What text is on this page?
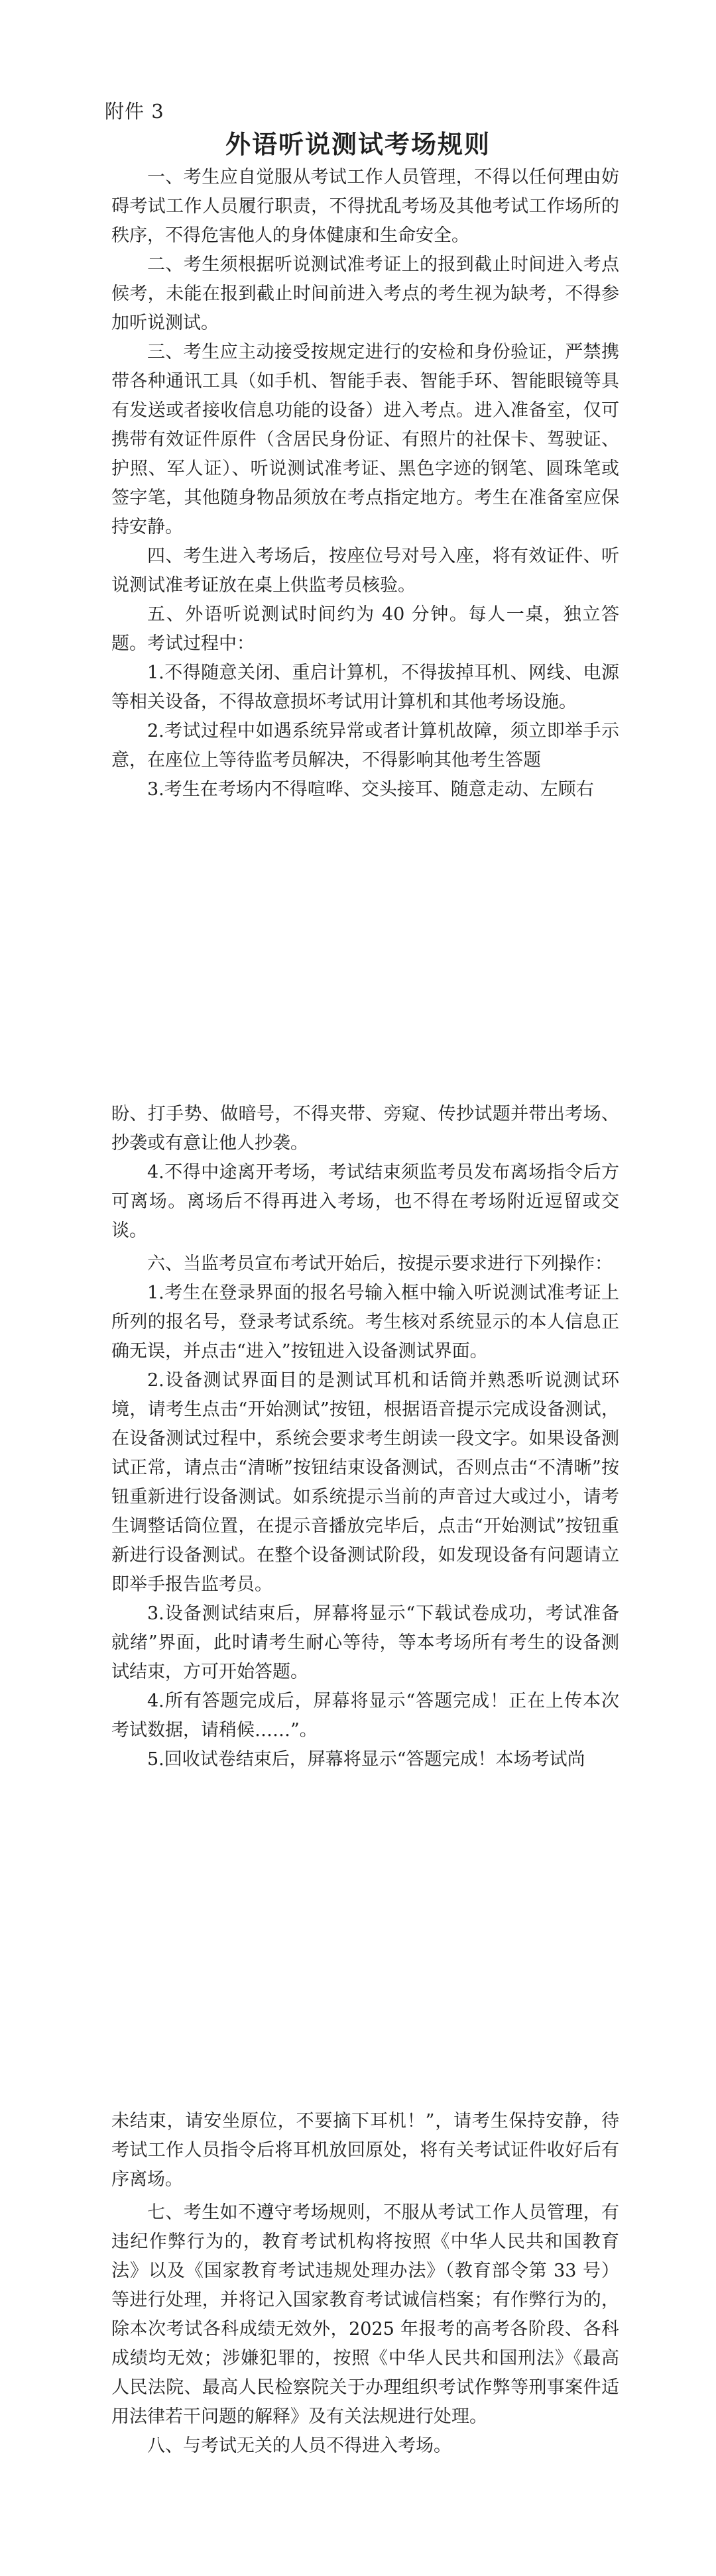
附件 3
外语听说测试考场规则

一、考生应自觉服从考试工作人员管理，不得以任何理由妨碍考试工作人员履行职责，不得扰乱考场及其他考试工作场所的秩序，不得危害他人的身体健康和生命安全。

二、考生须根据听说测试准考证上的报到截止时间进入考点候考，未能在报到截止时间前进入考点的考生视为缺考，不得参加听说测试。

三、考生应主动接受按规定进行的安检和身份验证，严禁携带各种通讯工具（如手机、智能手表、智能手环、智能眼镜等具有发送或者接收信息功能的设备）进入考点。进入准备室，仅可携带有效证件原件（含居民身份证、有照片的社保卡、驾驶证、护照、军人证）、听说测试准考证、黑色字迹的钢笔、圆珠笔或签字笔，其他随身物品须放在考点指定地方。考生在准备室应保持安静。

四、考生进入考场后，按座位号对号入座，将有效证件、听说测试准考证放在桌上供监考员核验。

五、外语听说测试时间约为 40 分钟。每人一桌，独立答题。考试过程中：

1.不得随意关闭、重启计算机，不得拔掉耳机、网线、电源等相关设备，不得故意损坏考试用计算机和其他考场设施。

2.考试过程中如遇系统异常或者计算机故障，须立即举手示意，在座位上等待监考员解决，不得影响其他考生答题

3.考生在考场内不得喧哗、交头接耳、随意走动、左顾右

盼、打手势、做暗号，不得夹带、旁窥、传抄试题并带出考场、抄袭或有意让他人抄袭。

4.不得中途离开考场，考试结束须监考员发布离场指令后方可离场。离场后不得再进入考场，也不得在考场附近逗留或交谈。

六、当监考员宣布考试开始后，按提示要求进行下列操作：

1.考生在登录界面的报名号输入框中输入听说测试准考证上所列的报名号，登录考试系统。考生核对系统显示的本人信息正确无误，并点击“进入”按钮进入设备测试界面。

2.设备测试界面目的是测试耳机和话筒并熟悉听说测试环境，请考生点击“开始测试”按钮，根据语音提示完成设备测试，在设备测试过程中，系统会要求考生朗读一段文字。如果设备测试正常，请点击“清晰”按钮结束设备测试，否则点击“不清晰”按钮重新进行设备测试。如系统提示当前的声音过大或过小，请考生调整话筒位置，在提示音播放完毕后，点击“开始测试”按钮重新进行设备测试。在整个设备测试阶段，如发现设备有问题请立即举手报告监考员。

3.设备测试结束后，屏幕将显示“下载试卷成功，考试准备就绪”界面，此时请考生耐心等待，等本考场所有考生的设备测试结束，方可开始答题。

4.所有答题完成后，屏幕将显示“答题完成！正在上传本次考试数据，请稍候……”。

5.回收试卷结束后，屏幕将显示“答题完成！本场考试尚

未结束，请安坐原位，不要摘下耳机！”，请考生保持安静，待考试工作人员指令后将耳机放回原处，将有关考试证件收好后有序离场。

七、考生如不遵守考场规则，不服从考试工作人员管理，有违纪作弊行为的，教育考试机构将按照《中华人民共和国教育法》以及《国家教育考试违规处理办法》（教育部令第 33 号）等进行处理，并将记入国家教育考试诚信档案；有作弊行为的，除本次考试各科成绩无效外，2025 年报考的高考各阶段、各科成绩均无效；涉嫌犯罪的，按照《中华人民共和国刑法》《最高人民法院、最高人民检察院关于办理组织考试作弊等刑事案件适用法律若干问题的解释》及有关法规进行处理。

八、与考试无关的人员不得进入考场。
